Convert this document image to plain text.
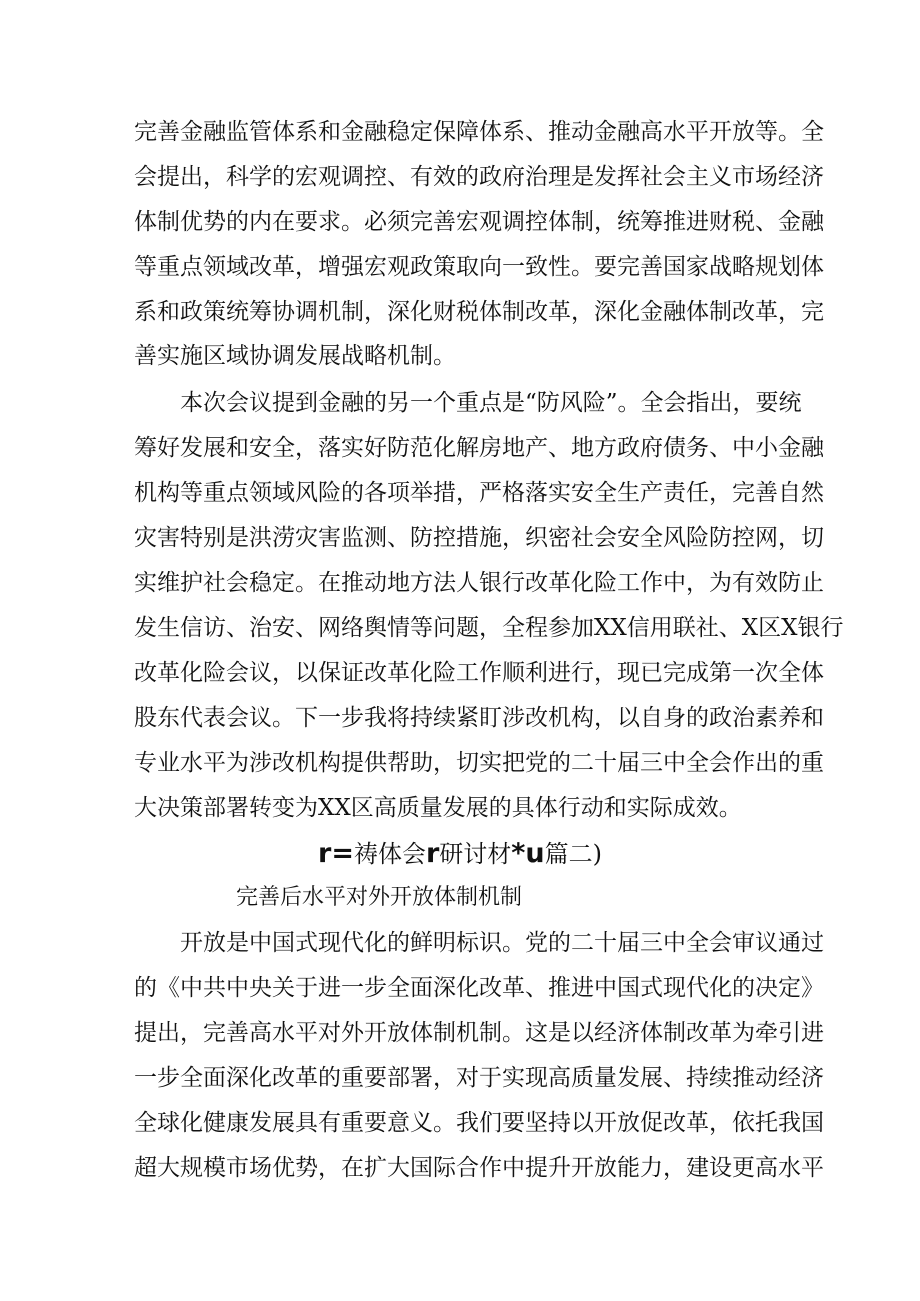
完善金融监管体系和金融稳定保障体系、推动金融高水平开放等。全
会提出，科学的宏观调控、有效的政府治理是发挥社会主义市场经济
体制优势的内在要求。必须完善宏观调控体制，统筹推进财税、金融
等重点领域改革，增强宏观政策取向一致性。要完善国家战略规划体
系和政策统筹协调机制，深化财税体制改革，深化金融体制改革，完
善实施区域协调发展战略机制。
本次会议提到金融的另一个重点是“防风险”。全会指出，要统
筹好发展和安全，落实好防范化解房地产、地方政府债务、中小金融
机构等重点领域风险的各项举措，严格落实安全生产责任，完善自然
灾害特别是洪涝灾害监测、防控措施，织密社会安全风险防控网，切
实维护社会稳定。在推动地方法人银行改革化险工作中，为有效防止
发生信访、治安、网络舆情等问题，全程参加XX信用联社、X区X银行
改革化险会议，以保证改革化险工作顺利进行，现已完成第一次全体
股东代表会议。下一步我将持续紧盯涉改机构，以自身的政治素养和
专业水平为涉改机构提供帮助，切实把党的二十届三中全会作出的重
大决策部署转变为XX区高质量发展的具体行动和实际成效。
r=祷体会r研讨材*u篇二)
完善后水平对外开放体制机制
开放是中国式现代化的鲜明标识。党的二十届三中全会审议通过
的《中共中央关于进一步全面深化改革、推进中国式现代化的决定》
提出，完善高水平对外开放体制机制。这是以经济体制改革为牵引进
一步全面深化改革的重要部署，对于实现高质量发展、持续推动经济
全球化健康发展具有重要意义。我们要坚持以开放促改革，依托我国
超大规模市场优势，在扩大国际合作中提升开放能力，建设更高水平
